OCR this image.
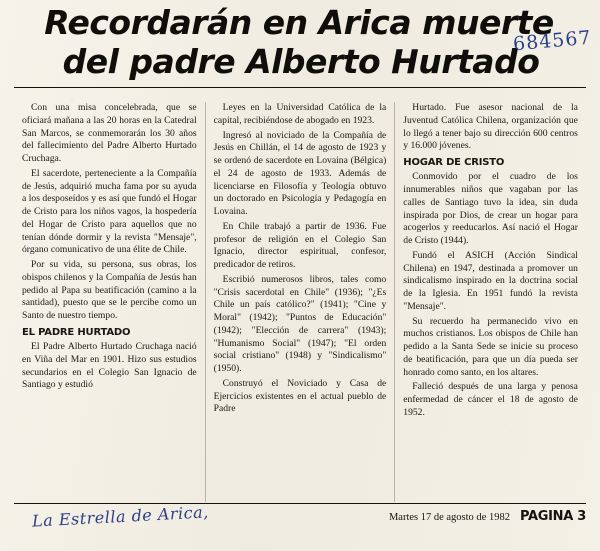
Recordarán en Arica muerte
del padre Alberto Hurtado
684567

Con una misa concelebrada, que se oficiará mañana a las 20 horas en la Catedral San Marcos, se conmemorarán los 30 años del fallecimiento del Padre Alberto Hurtado Cruchaga.

El sacerdote, perteneciente a la Compañía de Jesús, adquirió mucha fama por su ayuda a los desposeídos y es así que fundó el Hogar de Cristo para los niños vagos, la hospedería del Hogar de Cristo para aquellos que no tenían dónde dormir y la revista "Mensaje", órgano comunicativo de una élite de Chile.

Por su vida, su persona, sus obras, los obispos chilenos y la Compañía de Jesús han pedido al Papa su beatificación (camino a la santidad), puesto que se le percibe como un Santo de nuestro tiempo.

EL PADRE HURTADO

El Padre Alberto Hurtado Cruchaga nació en Viña del Mar en 1901. Hizo sus estudios secundarios en el Colegio San Ignacio de Santiago y estudió

Leyes en la Universidad Católica de la capital, recibiéndose de abogado en 1923.

Ingresó al noviciado de la Compañía de Jesús en Chillán, el 14 de agosto de 1923 y se ordenó de sacerdote en Lovaina (Bélgica) el 24 de agosto de 1933. Además de licenciarse en Filosofía y Teología obtuvo un doctorado en Psicología y Pedagogía en Lovaina.

En Chile trabajó a partir de 1936. Fue profesor de religión en el Colegio San Ignacio, director espiritual, confesor, predicador de retiros.

Escribió numerosos libros, tales como "Crisis sacerdotal en Chile" (1936); "¿Es Chile un país católico?" (1941); "Cine y Moral" (1942); "Puntos de Educación" (1942); "Elección de carrera" (1943); "Humanismo Social" (1947); "El orden social cristiano" (1948) y "Sindicalismo" (1950).

Construyó el Noviciado y Casa de Ejercicios existentes en el actual pueblo de Padre

Hurtado. Fue asesor nacional de la Juventud Católica Chilena, organización que lo llegó a tener bajo su dirección 600 centros y 16.000 jóvenes.

HOGAR DE CRISTO

Conmovido por el cuadro de los innumerables niños que vagaban por las calles de Santiago tuvo la idea, sin duda inspirada por Dios, de crear un hogar para acogerlos y reeducarlos. Así nació el Hogar de Cristo (1944).

Fundó el ASICH (Acción Sindical Chilena) en 1947, destinada a promover un sindicalismo inspirado en la doctrina social de la Iglesia. En 1951 fundó la revista "Mensaje".

Su recuerdo ha permanecido vivo en muchos cristianos. Los obispos de Chile han pedido a la Santa Sede se inicie su proceso de beatificación, para que un día pueda ser honrado como santo, en los altares.

Falleció después de una larga y penosa enfermedad de cáncer el 18 de agosto de 1952.

La Estrella de Arica,	Martes 17 de agosto de 1982 PAGINA 3
